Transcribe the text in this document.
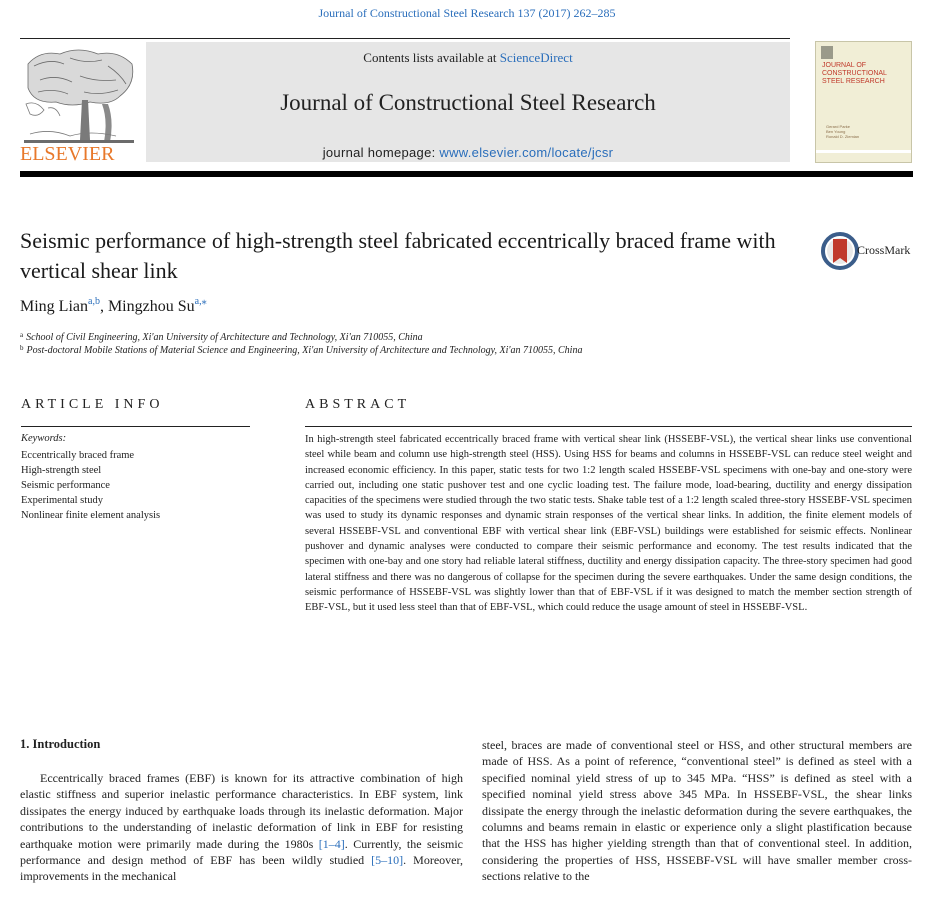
Journal of Constructional Steel Research 137 (2017) 262–285
ELSEVIER
Contents lists available at ScienceDirect
Journal of Constructional Steel Research
journal homepage: www.elsevier.com/locate/jcsr
JOURNAL OF
CONSTRUCTIONAL
STEEL RESEARCH
Gerard Parke
Ben Young
Ronald D. Ziemian
Seismic performance of high-strength steel fabricated eccentrically braced frame with vertical shear link
CrossMark
Ming Lian$^{a,b}$, Mingzhou $Su^{a,⁎}$
$^a$ School of Civil Engineering, Xi'an University of Architecture and Technology, Xi'an 710055, China
$^b$ Post-doctoral Mobile Stations of Material Science and Engineering, Xi'an University of Architecture and Technology, Xi'an 710055, China
ARTICLE INFO	ABSTRACT
Keywords:
Eccentrically braced frame
High-strength steel
Seismic performance
Experimental study
Nonlinear finite element analysis

In high-strength steel fabricated eccentrically braced frame with vertical shear link (HSSEBF-VSL), the vertical shear links use conventional steel while beam and column use high-strength steel (HSS). Using HSS for beams and columns in HSSEBF-VSL can reduce steel weight and increased economic efficiency. In this paper, static tests for two 1:2 length scaled HSSEBF-VSL specimens with one-bay and one-story were carried out, including one static pushover test and one cyclic loading test. The failure mode, load-bearing, ductility and energy dissipation capacities of the specimens were studied through the two static tests. Shake table test of a 1:2 length scaled three-story HSSEBF-VSL specimen was used to study its dynamic responses and dynamic strain responses of the vertical shear links. In addition, the finite element models of several HSSEBF-VSL and conventional EBF with vertical shear link (EBF-VSL) buildings were established for seismic effects. Nonlinear pushover and dynamic analyses were conducted to compare their seismic performance and economy. The test results indicated that the specimen with one-bay and one story had reliable lateral stiffness, ductility and energy dissipation capacity. The three-story specimen had good lateral stiffness and there was no dangerous of collapse for the specimen during the severe earthquakes. Under the same design conditions, the seismic performance of HSSEBF-VSL was slightly lower than that of EBF-VSL if it was designed to match the member section strength of EBF-VSL, but it used less steel than that of EBF-VSL, which could reduce the usage amount of steel in HSSEBF-VSL.

1. Introduction

Eccentrically braced frames (EBF) is known for its attractive combination of high elastic stiffness and superior inelastic performance characteristics. In EBF system, link dissipates the energy induced by earthquake loads through its inelastic deformation. Major contributions to the understanding of inelastic deformation of link in EBF for resisting earthquake motion were primarily made during the 1980s [1–4]. Currently, the seismic performance and design method of EBF has been wildly studied [5–10]. Moreover, improvements in the mechanical

steel, braces are made of conventional steel or HSS, and other structural members are made of HSS. As a point of reference, “conventional steel” is defined as steel with a specified nominal yield stress of up to 345 MPa. “HSS” is defined as steel with a specified nominal yield stress above 345 MPa. In HSSEBF-VSL, the shear links dissipate the energy through the inelastic deformation during the severe earthquakes, the columns and beams remain in elastic or experience only a slight plastification because that the HSS has higher yielding strength than that of conventional steel. In addition, considering the properties of HSS, HSSEBF-VSL will have smaller member cross-sections relative to the
